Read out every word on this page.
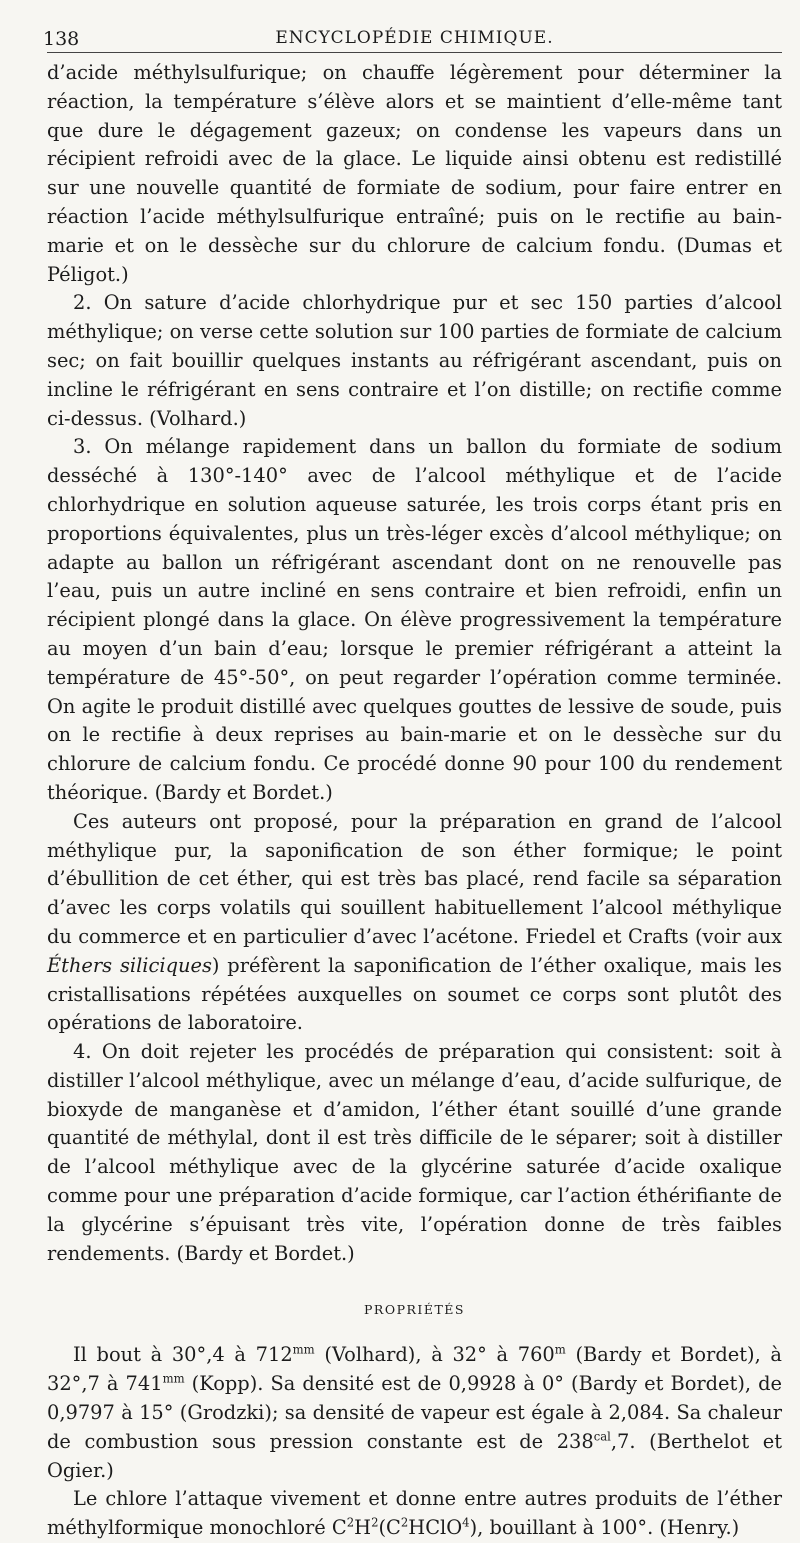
138	ENCYCLOPÉDIE CHIMIQUE.

d’acide méthylsulfurique; on chauffe légèrement pour déterminer la réaction, la température s’élève alors et se maintient d’elle-même tant que dure le dégagement gazeux; on condense les vapeurs dans un récipient refroidi avec de la glace. Le liquide ainsi obtenu est redistillé sur une nouvelle quantité de formiate de sodium, pour faire entrer en réaction l’acide méthylsulfurique entraîné; puis on le rectifie au bain-marie et on le dessèche sur du chlorure de calcium fondu. (Dumas et Péligot.)

2. On sature d’acide chlorhydrique pur et sec 150 parties d’alcool méthylique; on verse cette solution sur 100 parties de formiate de calcium sec; on fait bouillir quelques instants au réfrigérant ascendant, puis on incline le réfrigérant en sens contraire et l’on distille; on rectifie comme ci-dessus. (Volhard.)

3. On mélange rapidement dans un ballon du formiate de sodium desséché à 130°-140° avec de l’alcool méthylique et de l’acide chlorhydrique en solution aqueuse saturée, les trois corps étant pris en proportions équivalentes, plus un très-léger excès d’alcool méthylique; on adapte au ballon un réfrigérant ascendant dont on ne renouvelle pas l’eau, puis un autre incliné en sens contraire et bien refroidi, enfin un récipient plongé dans la glace. On élève progressivement la température au moyen d’un bain d’eau; lorsque le premier réfrigérant a atteint la température de 45°-50°, on peut regarder l’opération comme terminée. On agite le produit distillé avec quelques gouttes de lessive de soude, puis on le rectifie à deux reprises au bain-marie et on le dessèche sur du chlorure de calcium fondu. Ce procédé donne 90 pour 100 du rendement théorique. (Bardy et Bordet.)

Ces auteurs ont proposé, pour la préparation en grand de l’alcool méthylique pur, la saponification de son éther formique; le point d’ébullition de cet éther, qui est très bas placé, rend facile sa séparation d’avec les corps volatils qui souillent habituellement l’alcool méthylique du commerce et en particulier d’avec l’acétone. Friedel et Crafts (voir aux Éthers siliciques) préfèrent la saponification de l’éther oxalique, mais les cristallisations répétées auxquelles on soumet ce corps sont plutôt des opérations de laboratoire.

4. On doit rejeter les procédés de préparation qui consistent: soit à distiller l’alcool méthylique, avec un mélange d’eau, d’acide sulfurique, de bioxyde de manganèse et d’amidon, l’éther étant souillé d’une grande quantité de méthylal, dont il est très difficile de le séparer; soit à distiller de l’alcool méthylique avec de la glycérine saturée d’acide oxalique comme pour une préparation d’acide formique, car l’action éthérifiante de la glycérine s’épuisant très vite, l’opération donne de très faibles rendements. (Bardy et Bordet.)

PROPRIÉTÉS

Il bout à 30°,4 à $712^{mm}$ (Volhard), à 32° à 760$^m$ (Bardy et Bordet), à 32°,7 à $741^{mm}$ (Kopp). Sa densité est de 0,9928 à 0° (Bardy et Bordet), de 0,9797 à 15° (Grodzki); sa densité de vapeur est égale à 2,084. Sa chaleur de combustion sous pression constante est de $238^{cal},7$. (Berthelot et Ogier.)

Le chlore l’attaque vivement et donne entre autres produits de l’éther méthylformique monochloré $C^2H^2(C^2HClO^4)$, bouillant à 100°. (Henry.)
